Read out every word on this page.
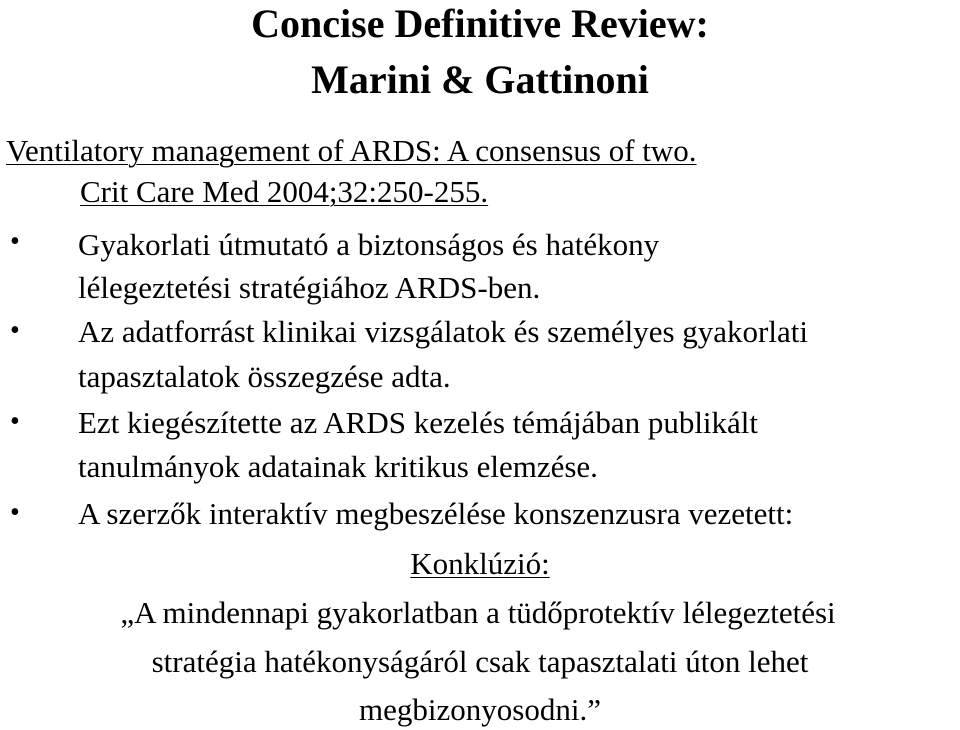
Concise Definitive Review:
Marini & Gattinoni
Ventilatory management of ARDS: A consensus of two.
Crit Care Med 2004;32:250-255.
• Gyakorlati útmutató a biztonságos és hatékony
lélegeztetési stratégiához ARDS-ben.
• Az adatforrást klinikai vizsgálatok és személyes gyakorlati
tapasztalatok összegzése adta.
• Ezt kiegészítette az ARDS kezelés témájában publikált
tanulmányok adatainak kritikus elemzése.
• A szerzők interaktív megbeszélése konszenzusra vezetett:
Konklúzió:
„A mindennapi gyakorlatban a tüdőprotektív lélegeztetési
stratégia hatékonyságáról csak tapasztalati úton lehet
megbizonyosodni.”
